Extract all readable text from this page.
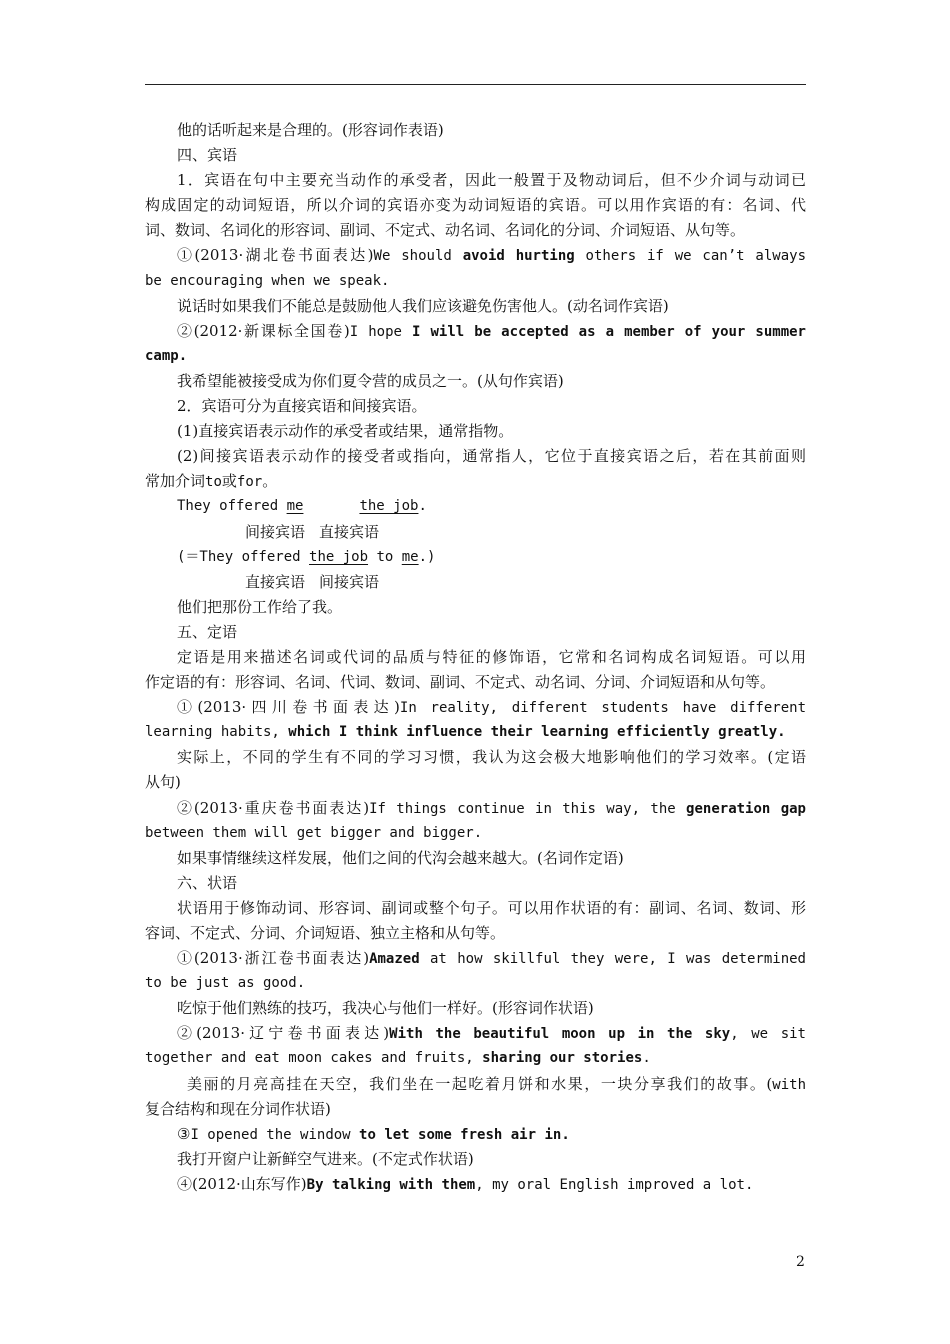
他的话听起来是合理的。(形容词作表语)
四、宾语
1．宾语在句中主要充当动作的承受者，因此一般置于及物动词后，但不少介词与动词已
构成固定的动词短语，所以介词的宾语亦变为动词短语的宾语。可以用作宾语的有：名词、代
词、数词、名词化的形容词、副词、不定式、动名词、名词化的分词、介词短语、从句等。
①(2013·湖北卷书面表达)We should avoid hurting others if we can’t always
be encouraging when we speak.
说话时如果我们不能总是鼓励他人我们应该避免伤害他人。(动名词作宾语)
②(2012·新课标全国卷)I hope I will be accepted as a member of your summer
camp.
我希望能被接受成为你们夏令营的成员之一。(从句作宾语)
2．宾语可分为直接宾语和间接宾语。
(1)直接宾语表示动作的承受者或结果，通常指物。
(2)间接宾语表示动作的接受者或指向，通常指人，它位于直接宾语之后，若在其前面则
常加介词to或for。
They offered me	the job.
间接宾语 直接宾语
(＝They offered the job to me.)
直接宾语 间接宾语
他们把那份工作给了我。
五、定语
定语是用来描述名词或代词的品质与特征的修饰语，它常和名词构成名词短语。可以用
作定语的有：形容词、名词、代词、数词、副词、不定式、动名词、分词、介词短语和从句等。
①(2013·四川卷书面表达)In reality, different students have different
learning habits, which I think influence their learning efficiently greatly.
实际上，不同的学生有不同的学习习惯，我认为这会极大地影响他们的学习效率。(定语
从句)
②(2013·重庆卷书面表达)If things continue in this way, the generation gap
between them will get bigger and bigger.
如果事情继续这样发展，他们之间的代沟会越来越大。(名词作定语)
六、状语
状语用于修饰动词、形容词、副词或整个句子。可以用作状语的有：副词、名词、数词、形
容词、不定式、分词、介词短语、独立主格和从句等。
①(2013·浙江卷书面表达)Amazed at how skillful they were, I was determined
to be just as good.
吃惊于他们熟练的技巧，我决心与他们一样好。(形容词作状语)
②(2013·辽宁卷书面表达)With the beautiful moon up in the sky, we sit
together and eat moon cakes and fruits, sharing our stories.
美丽的月亮高挂在天空，我们坐在一起吃着月饼和水果，一块分享我们的故事。(with
复合结构和现在分词作状语)
③I opened the window to let some fresh air in.
我打开窗户让新鲜空气进来。(不定式作状语)
④(2012·山东写作)By talking with them, my oral English improved a lot.
2
